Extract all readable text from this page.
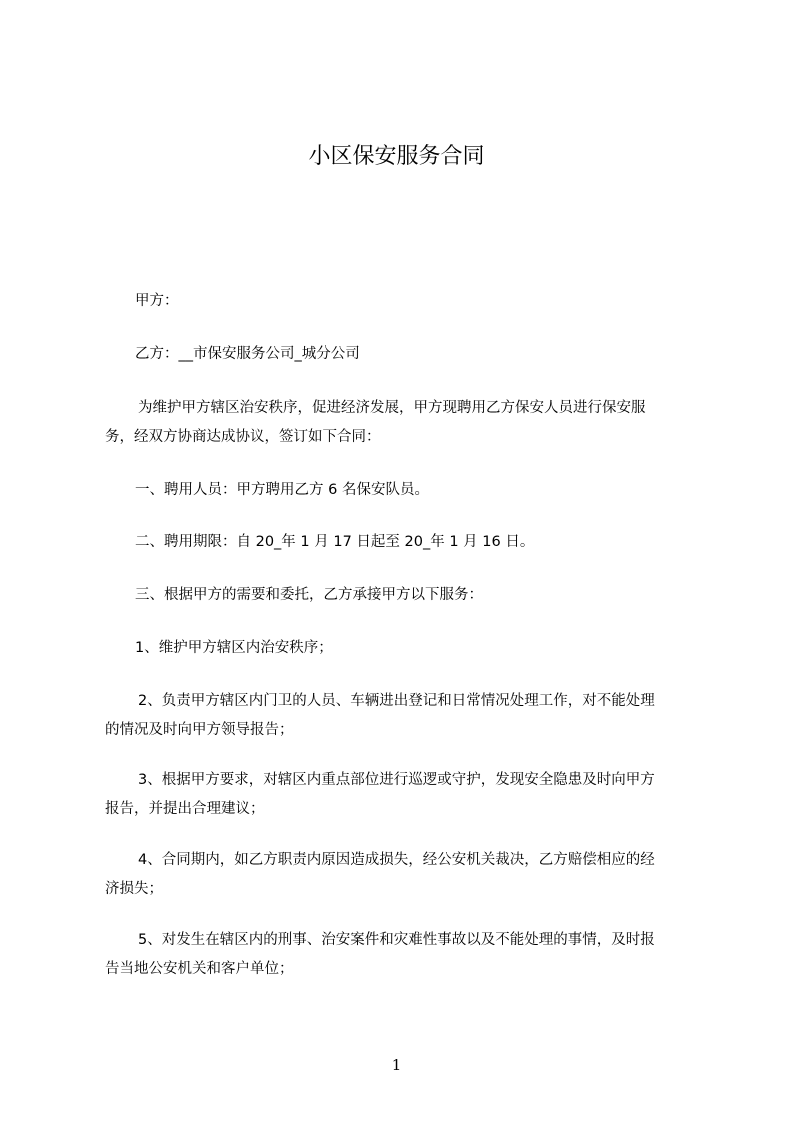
小区保安服务合同

甲方：

乙方：__市保安服务公司_城分公司

为维护甲方辖区治安秩序，促进经济发展，甲方现聘用乙方保安人员进行保安服
务，经双方协商达成协议，签订如下合同：

一、聘用人员：甲方聘用乙方 6 名保安队员。

二、聘用期限：自 20_年 1 月 17 日起至 20_年 1 月 16 日。

三、根据甲方的需要和委托，乙方承接甲方以下服务：

1、维护甲方辖区内治安秩序；

2、负责甲方辖区内门卫的人员、车辆进出登记和日常情况处理工作，对不能处理
的情况及时向甲方领导报告；

3、根据甲方要求，对辖区内重点部位进行巡逻或守护，发现安全隐患及时向甲方
报告，并提出合理建议；

4、合同期内，如乙方职责内原因造成损失，经公安机关裁决，乙方赔偿相应的经
济损失；

5、对发生在辖区内的刑事、治安案件和灾难性事故以及不能处理的事情，及时报
告当地公安机关和客户单位；

1
